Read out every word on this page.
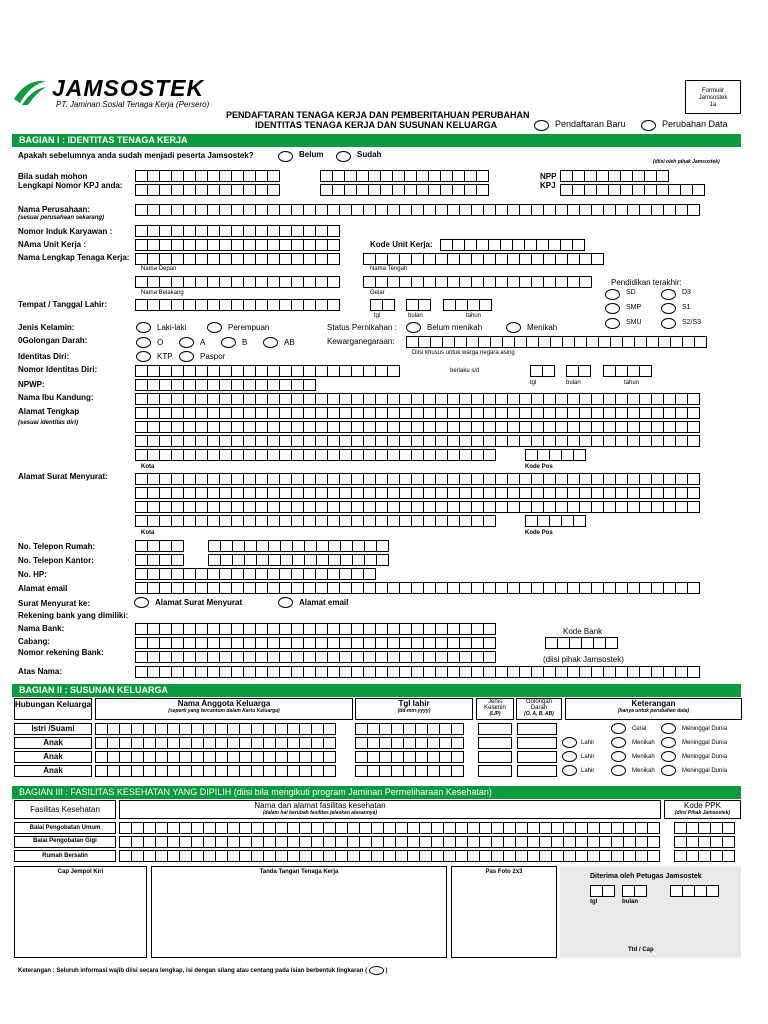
JAMSOSTEK
PT. Jaminan Sosial Tenaga Kerja (Persero)
Formulir
Jamsostek
1a
PENDAFTARAN TENAGA KERJA DAN PEMBERITAHUAN PERUBAHAN
IDENTITAS TENAGA KERJA DAN SUSUNAN KELUARGA	Pendaftaran Baru	Perubahan Data
BAGIAN I : IDENTITAS TENAGA KERJA
Apakah sebelumnya anda sudah menjadi peserta Jamsostek?	Belum	Sudah
(diisi oleh pihak Jamsostek)
Bila sudah mohon
Lengkapi Nomor KPJ anda:
NPP
KPJ
Nama Perusahaan:
(sesuai perusahaan sekarang)
Nomor Induk Karyawan :
NAma Unit Kerja :	Kode Unit Kerja:
Nama Lengkap Tenaga Kerja:
Nama Depan	Nama Tengah
Nama Belakang	Gelar
Pendidikan terakhir:
SD	D3
SMP	S1
SMU	S2/S3
Tempat / Tanggal Lahir:
tgl	bulan	tahun
Jenis Kelamin:	Laki-laki	Perempuan	Status Pernikahan :	Belum menikah	Menikah
0Golongan Darah:	O	A	B	AB	Kewarganegaraan:
Diisi khusus untuk warga negara asing
Identitas Diri:	KTP	Paspor
Nomor Identitas Diri:	berlaku s/d
NPWP:	tgl	bulan	tahun
Nama Ibu Kandung:
Alamat Tengkap
(sesuai identitas diri)
Kota	Kode Pos
Alamat Surat Menyurat:
Kota	Kode Pos
No. Telepon Rumah:
No. Telepon Kantor:
No. HP:
Alamat email
Surat Menyurat ke:	Alamat Surat Menyurat	Alamat email
Rekening bank yang dimiliki:
Nama Bank:	Kode Bank
Cabang:
Nomor rekening Bank:
(diisi pihak Jamsostek)
Atas Nama:
BAGIAN II : SUSUNAN KELUARGA
Hubungan Keluarga	Nama Anggota Keluarga
(seperti yang tercantum dalam Kartu Keluarga)
Tgl lahir
(dd-mm-yyyy)
Jenis Kelamin
(L/P)
Golongan Darah
(O, A, B, AB)
Keterangan
(hanya untuk perubahan data)
Istri /Suami
Anak
Anak
Anak
Cerai	Meninggal Dunia
Lahir	Menikah	Meninggal Dunia
Lahir	Menikah	Meninggal Dunia
Lahir	Menikah	Meninggal Dunia
BAGIAN III : FASILITAS KESEHATAN YANG DIPILIH (diisi bila mengikuti program Jaminan Permeliharaan Kesehatan)
Fasilitas Kesehatan	Nama dan alamat fasilitas kesehatan
(dalam hal berubah fasilitas jelaskan alasannya)
Kode PPK
(diisi Pihak Jamsostek)
Balai Pengobatan Umum
Balai Pengobatan Gigi
Rumah Bersalin
Cap Jempol Kiri	Tanda Tangan Tenaga Kerja	Pas Foto 2x3
Diterima oleh Petugas Jamsostek
tgl	bulan
Ttd / Cap
Keterangan : Seluruh informasi wajib diisi secara lengkap, isi dengan silang atau centang pada isian berbentuk lingkaran (	)
